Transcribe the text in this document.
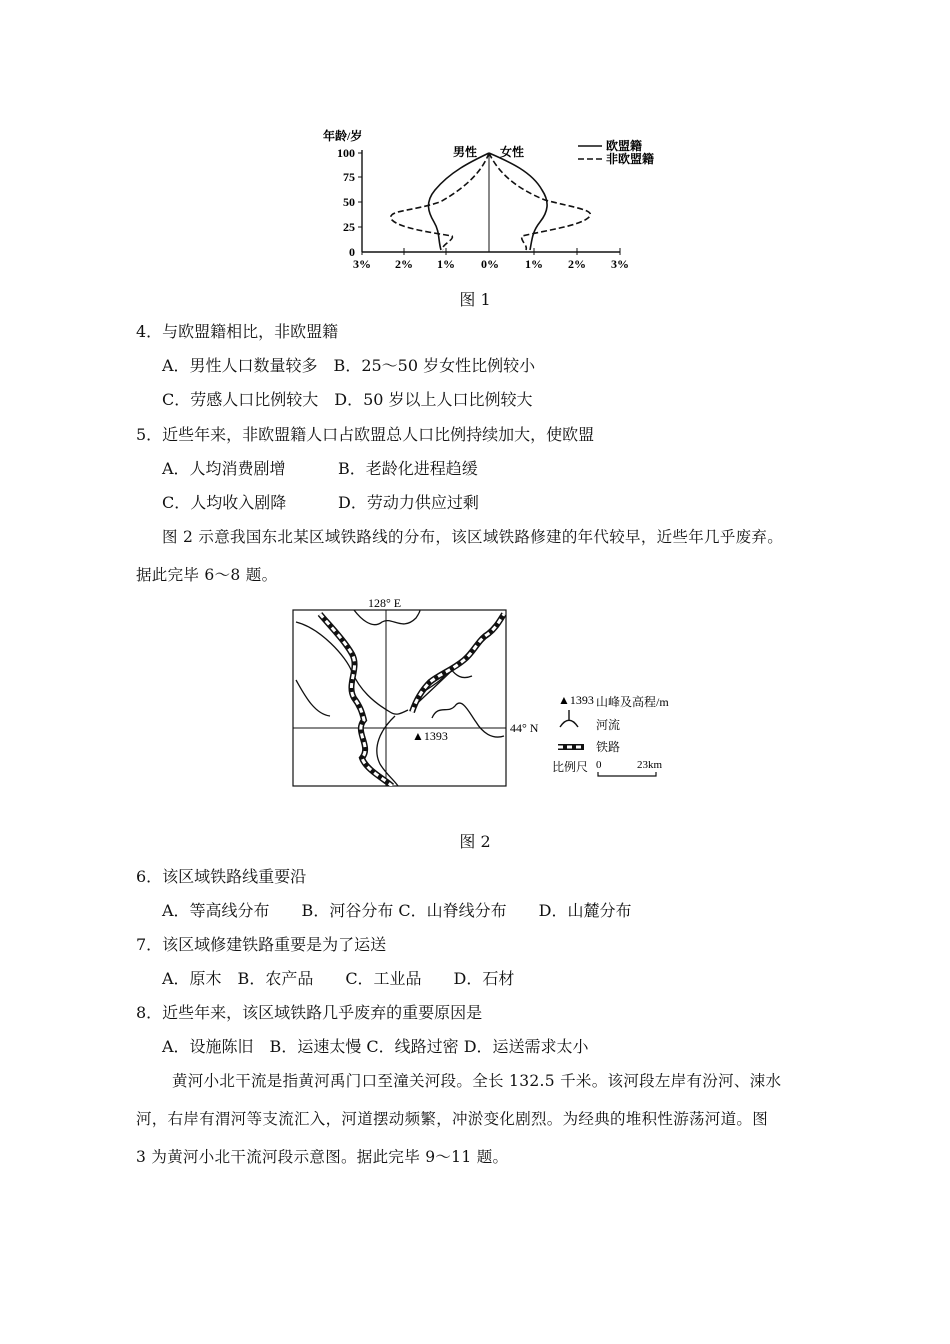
年龄/岁
100
75
50
25
0
3% 2% 1% 0% 1% 2% 3%
男性 女性	欧盟籍
非欧盟籍
图 1
4．与欧盟籍相比，非欧盟籍
A．男性人口数量较多　B．25～50 岁女性比例较小
C．劳感人口比例较大　D．50 岁以上人口比例较大
5．近些年来，非欧盟籍人口占欧盟总人口比例持续加大，使欧盟
A．人均消费剧增	B．老龄化进程趋缓
C．人均收入剧降	D．劳动力供应过剩
图 2 示意我国东北某区域铁路线的分布，该区域铁路修建的年代较早，近些年几乎废弃。
据此完毕 6～8 题。
128° E
▲1393
44° N
▲1393 山峰及高程/m
河流
铁路
比例尺 0	23km
图 2
6．该区域铁路线重要沿
A．等高线分布　　B．河谷分布 C．山脊线分布　　D．山麓分布
7．该区域修建铁路重要是为了运送
A．原木　B．农产品　　C．工业品　　D．石材
8．近些年来，该区域铁路几乎废弃的重要原因是
A．设施陈旧　B．运速太慢 C．线路过密 D．运送需求太小
黄河小北干流是指黄河禹门口至潼关河段。全长 132.5 千米。该河段左岸有汾河、涑水
河，右岸有渭河等支流汇入，河道摆动频繁，冲淤变化剧烈。为经典的堆积性游荡河道。图
3 为黄河小北干流河段示意图。据此完毕 9～11 题。
